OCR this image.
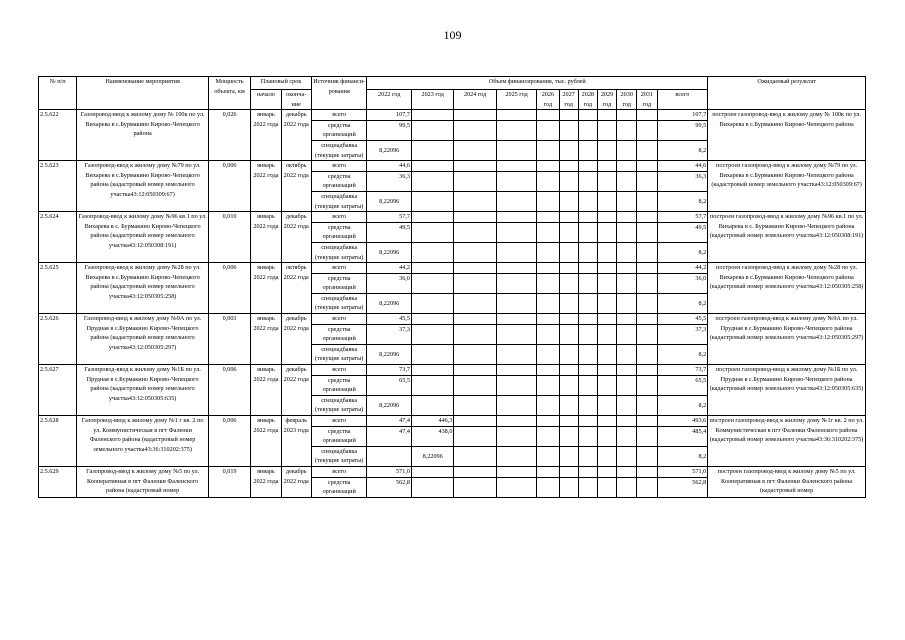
109
№ п/п	Наименование мероприятия	Мощность объекта, км	Плановый срок		Источник финанси-рования	Объем финансирования, тыс. рублей											Ожидаемый результат
			начало	оконча-ние		2022 год	2023 год	2024 год	2025 год	2026 год	2027 год	2028 год	2029 год	2030 год	2031 год	всего	

2.5.622	Газопровод-ввод к жилому дому № 100к по ул. Вихарева в с.Бурмакино Кирово-Чепецкого района	0,026	январь 2022 года	декабрь 2022 года	всего	107,7										107,7	построен газопровод-ввод к жилому дому № 100к по ул. Вихарева в с.Бурмакино Кирово-Чепецкого района
					средства организаций	99,5										99,5	
					спецнадбавка (текущие затраты)	8,22096										8,2	
2.5.623	Газопровод-ввод к жилому дому №79 по ул. Вихарева в с.Бурмакино Кирово-Чепецкого района (кадастровый номер земельного участка43:12:050309:67)	0,006	январь 2022 года	октябрь 2022 года	всего	44,6										44,6	построен газопровод-ввод к жилому дому №79 по ул. Вихарева в с.Бурмакино Кирово-Чепецкого района (кадастровый номер земельного участка43:12:050309:67)
					средства организаций	36,3										36,3	
					спецнадбавка (текущие затраты)	8,22096										8,2	
2.5.624	Газопровод-ввод к жилому дому №96 кв.1 по ул. Вихарева в с. Бурмакино Кирово-Чепецкого района (кадастровый номер земельного участка43:12:050308:191)	0,010	январь 2022 года	декабрь 2022 года	всего	57,7										57,7	построен газопровод-ввод к жилому дому №96 кв.1 по ул. Вихарева в с. Бурмакино Кирово-Чепецкого района (кадастровый номер земельного участка43:12:050308:191)
					средства организаций	49,5										49,5	
					спецнадбавка (текущие затраты)	8,22096										8,2	
2.5.625	Газопровод-ввод к жилому дому №28 по ул. Вихарева в с.Бурмакино Кирово-Чепецкого района (кадастровый номер земельного участка43:12:050305:258)	0,006	январь 2022 года	октябрь 2022 года	всего	44,2										44,2	построен газопровод-ввод к жилому дому №28 по ул. Вихарева в с.Бурмакино Кирово-Чепецкого района (кадастровый номер земельного участка43:12:050305:258)
					средства организаций	36,0										36,0	
					спецнадбавка (текущие затраты)	8,22096										8,2	
2.5.626	Газопровод-ввод к жилому дому №9А по ул. Прудная в с.Бурмакино Кирово-Чепецкого района (кадастровый номер земельного участка43:12:050305:297)	0,003	январь 2022 года	декабрь 2022 года	всего	45,5										45,5	построен газопровод-ввод к жилому дому №9А по ул. Прудная в с.Бурмакино Кирово-Чепецкого района (кадастровый номер земельного участка43:12:050305:297)
					средства организаций	37,3										37,3	
					спецнадбавка (текущие затраты)	8,22096										8,2	
2.5.627	Газопровод-ввод к жилому дому №1Б по ул. Прудная в с.Бурмакино Кирово-Чепецкого района (кадастровый номер земельного участка43:12:050305:635)	0,006	январь 2022 года	декабрь 2022 года	всего	73,7										73,7	построен газопровод-ввод к жилому дому №1Б по ул. Прудная в с.Бурмакино Кирово-Чепецкого района (кадастровый номер земельного участка43:12:050305:635)
					средства организаций	65,5										65,5	
					спецнадбавка (текущие затраты)	8,22096										8,2	
2.5.628	Газопровод-ввод к жилому дому №1 г кв. 2 по ул. Коммунистическая в пгт Фаленки Фаленского района (кадастровый номер земельного участка43:36:310202:375)	0,006	январь 2022 года	февраль 2023 года	всего	47,4	446,3									493,6	построен газопровод-ввод к жилому дому №1г кв. 2 по ул. Коммунистическая в пгт Фаленки Фаленского района (кадастровый номер земельного участка43:36:310202:375)
					средства организаций	47,4	438,0									485,4	
					спецнадбавка (текущие затраты)		8,22096									8,2	
2.5.629	Газопровод-ввод к жилому дому №5 по ул. Кооперативная в пгт Фаленки Фаленского района (кадастровый номер	0,019	январь 2022 года	декабрь 2022 года	всего	571,0										571,0	построен газопровод-ввод к жилому дому №5 по ул. Кооперативная в пгт Фаленки Фаленского района (кадастровый номер
					средства организаций	562,8										562,8	
